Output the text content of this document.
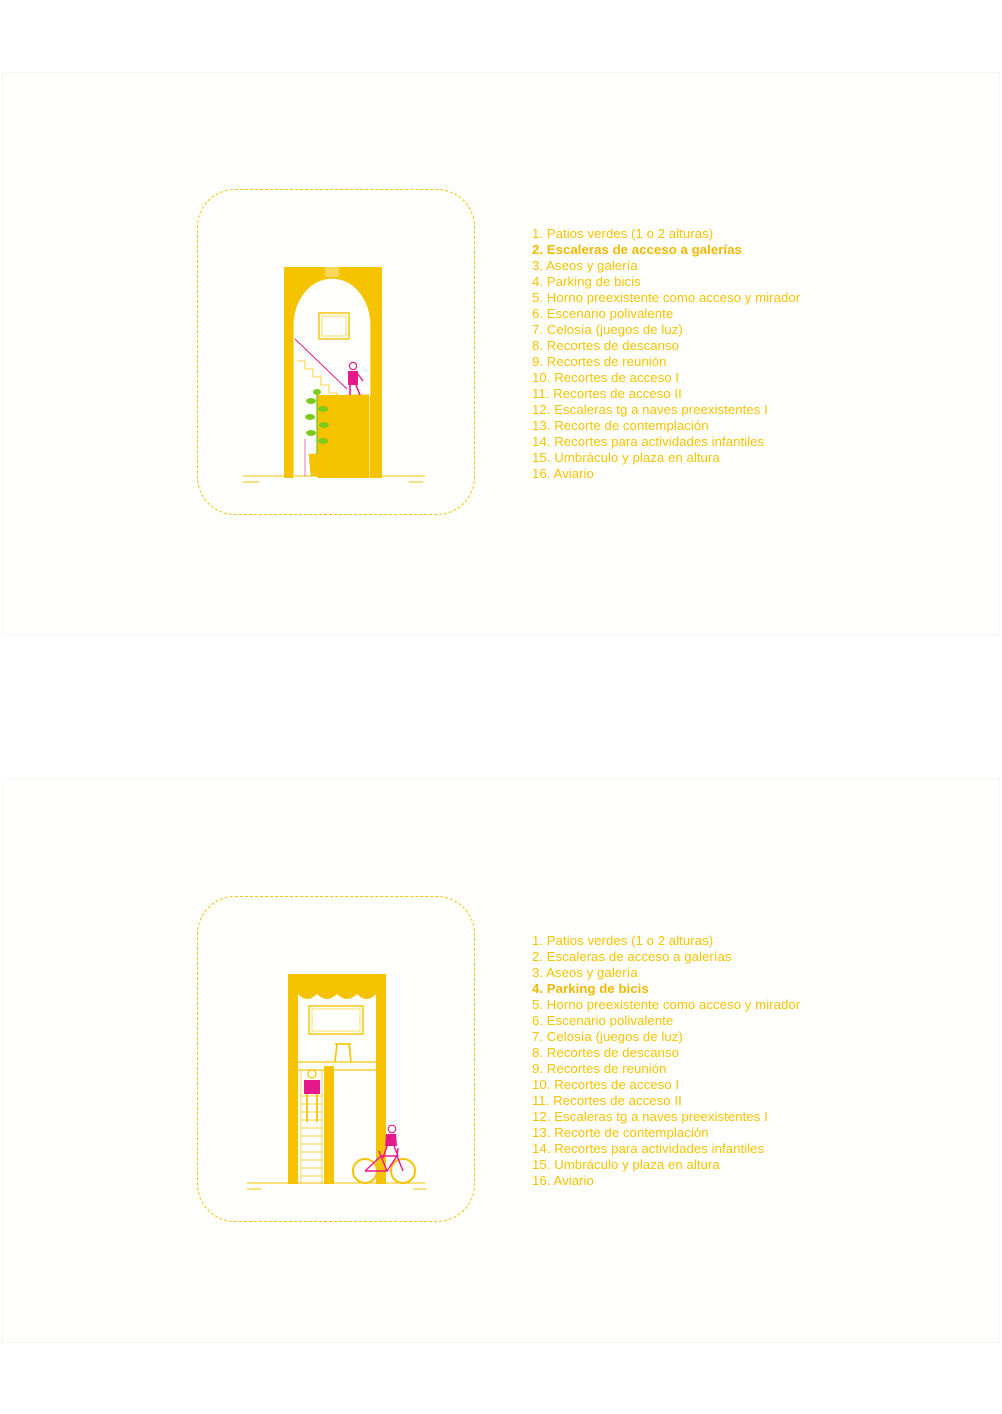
1. Patios verdes (1 o 2 alturas)
2. Escaleras de acceso a galerías
3. Aseos y galería
4. Parking de bicis
5. Horno preexistente como acceso y mirador
6. Escenario polivalente
7. Celosía (juegos de luz)
8. Recortes de descanso
9. Recortes de reunión
10. Recortes de acceso I
11. Recortes de acceso II
12. Escaleras tg a naves preexistentes I
13. Recorte de contemplación
14. Recortes para actividades infantiles
15. Umbráculo y plaza en altura
16. Aviario
1. Patios verdes (1 o 2 alturas)
2. Escaleras de acceso a galerías
3. Aseos y galería
4. Parking de bicis
5. Horno preexistente como acceso y mirador
6. Escenario polivalente
7. Celosía (juegos de luz)
8. Recortes de descanso
9. Recortes de reunión
10. Recortes de acceso I
11. Recortes de acceso II
12. Escaleras tg a naves preexistentes I
13. Recorte de contemplación
14. Recortes para actividades infantiles
15. Umbráculo y plaza en altura
16. Aviario
